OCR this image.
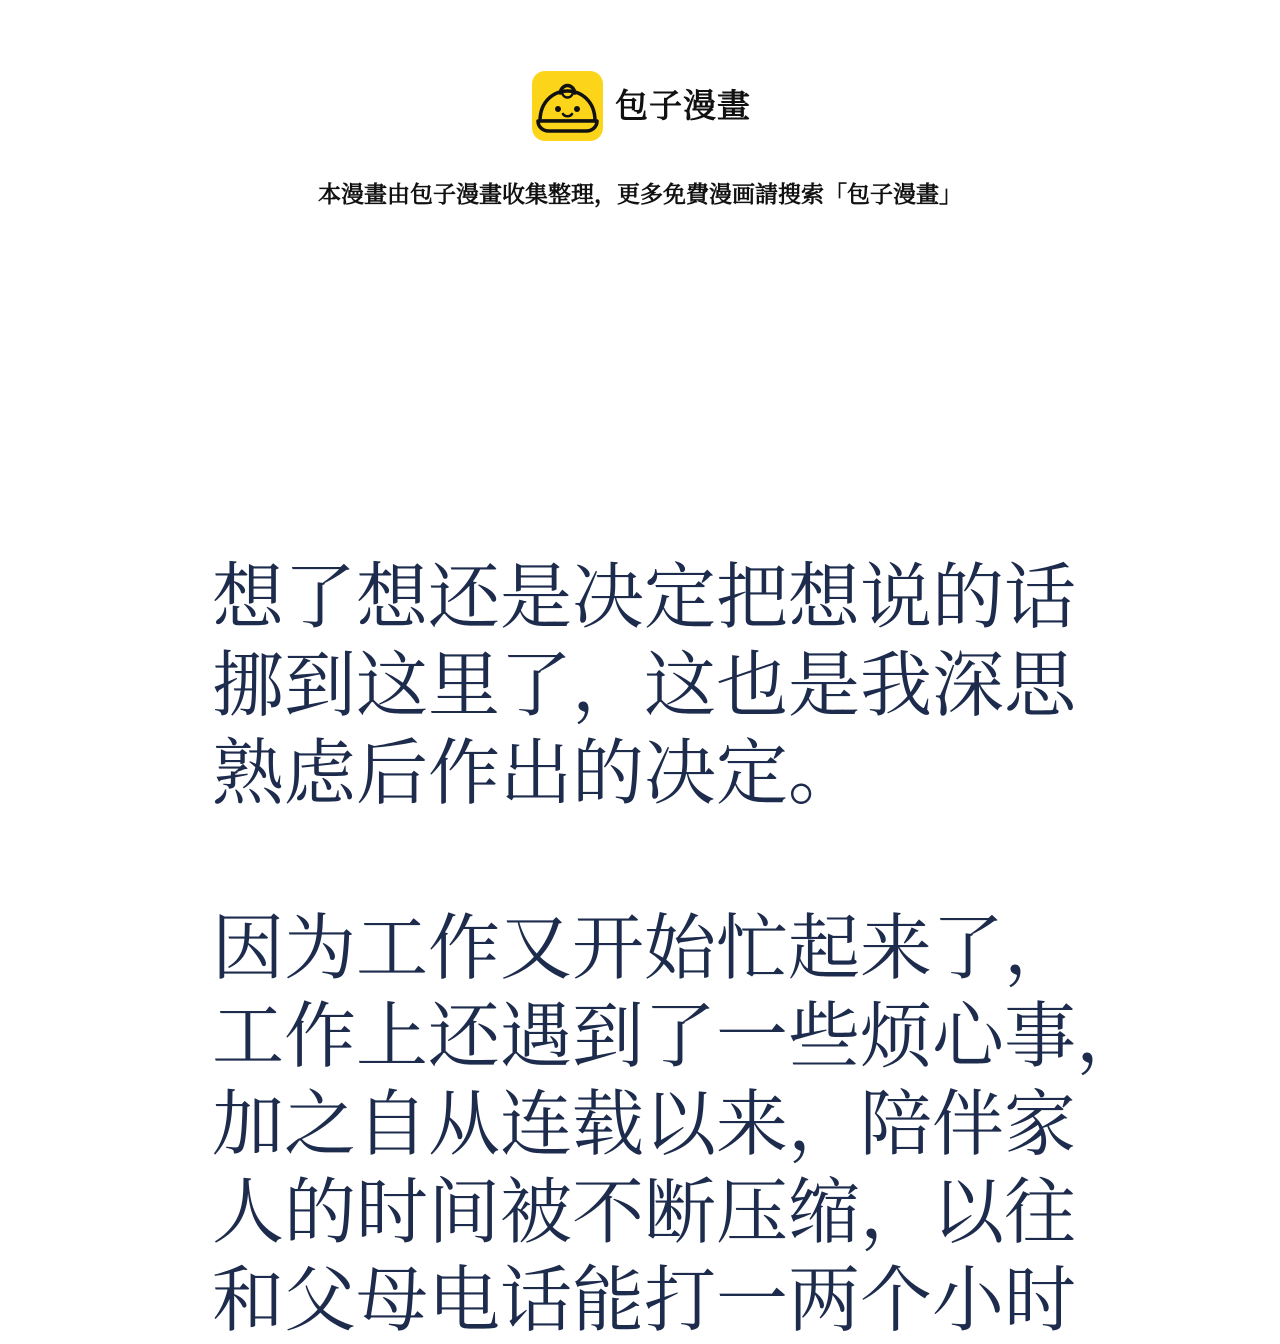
包子漫畫
本漫畫由包子漫畫收集整理，更多免費漫画請搜索「包子漫畫」
想了想还是决定把想说的话
挪到这里了，这也是我深思
熟虑后作出的决定。
因为工作又开始忙起来了，
工作上还遇到了一些烦心事，
加之自从连载以来，陪伴家
人的时间被不断压缩，以往
和父母电话能打一两个小时
